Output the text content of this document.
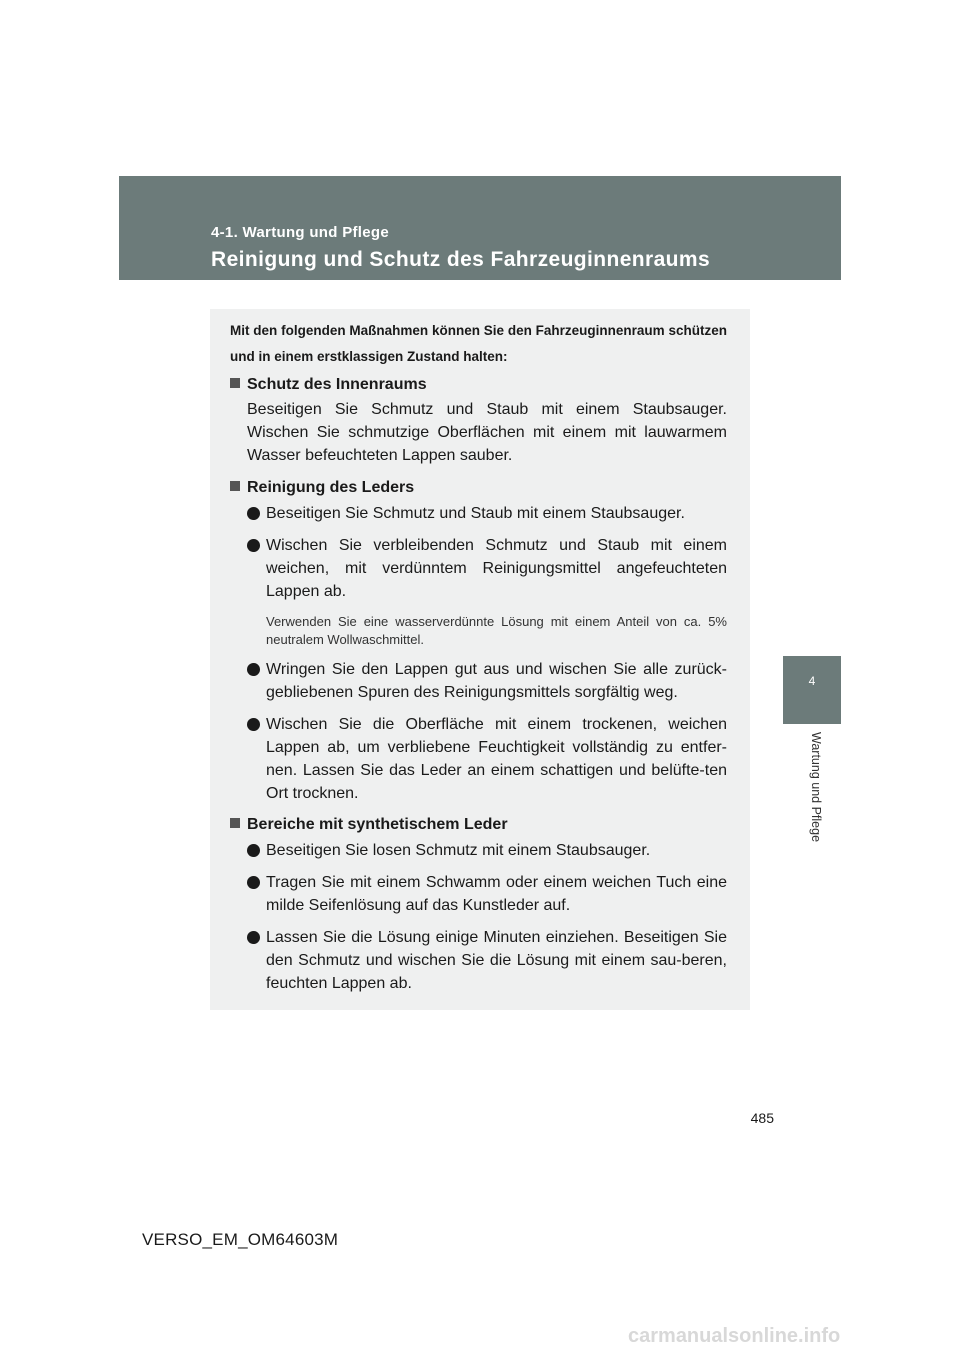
4-1. Wartung und Pflege
Reinigung und Schutz des Fahrzeuginnenraums
4
Wartung und Pflege
Mit den folgenden Maßnahmen können Sie den Fahrzeuginnenraum schützen und in einem erstklassigen Zustand halten:
Schutz des Innenraums
Beseitigen Sie Schmutz und Staub mit einem Staubsauger. Wischen Sie schmutzige Oberflächen mit einem mit lauwarmem Wasser befeuchteten Lappen sauber.
Reinigung des Leders
Beseitigen Sie Schmutz und Staub mit einem Staubsauger.
Wischen Sie verbleibenden Schmutz und Staub mit einem weichen, mit verdünntem Reinigungsmittel angefeuchteten Lappen ab.
Verwenden Sie eine wasserverdünnte Lösung mit einem Anteil von ca. 5% neutralem Wollwaschmittel.
Wringen Sie den Lappen gut aus und wischen Sie alle zurück-gebliebenen Spuren des Reinigungsmittels sorgfältig weg.
Wischen Sie die Oberfläche mit einem trockenen, weichen Lappen ab, um verbliebene Feuchtigkeit vollständig zu entfer-nen. Lassen Sie das Leder an einem schattigen und belüfte-ten Ort trocknen.
Bereiche mit synthetischem Leder
Beseitigen Sie losen Schmutz mit einem Staubsauger.
Tragen Sie mit einem Schwamm oder einem weichen Tuch eine milde Seifenlösung auf das Kunstleder auf.
Lassen Sie die Lösung einige Minuten einziehen. Beseitigen Sie den Schmutz und wischen Sie die Lösung mit einem sau-beren, feuchten Lappen ab.
485
VERSO_EM_OM64603M
carmanualsonline.info
